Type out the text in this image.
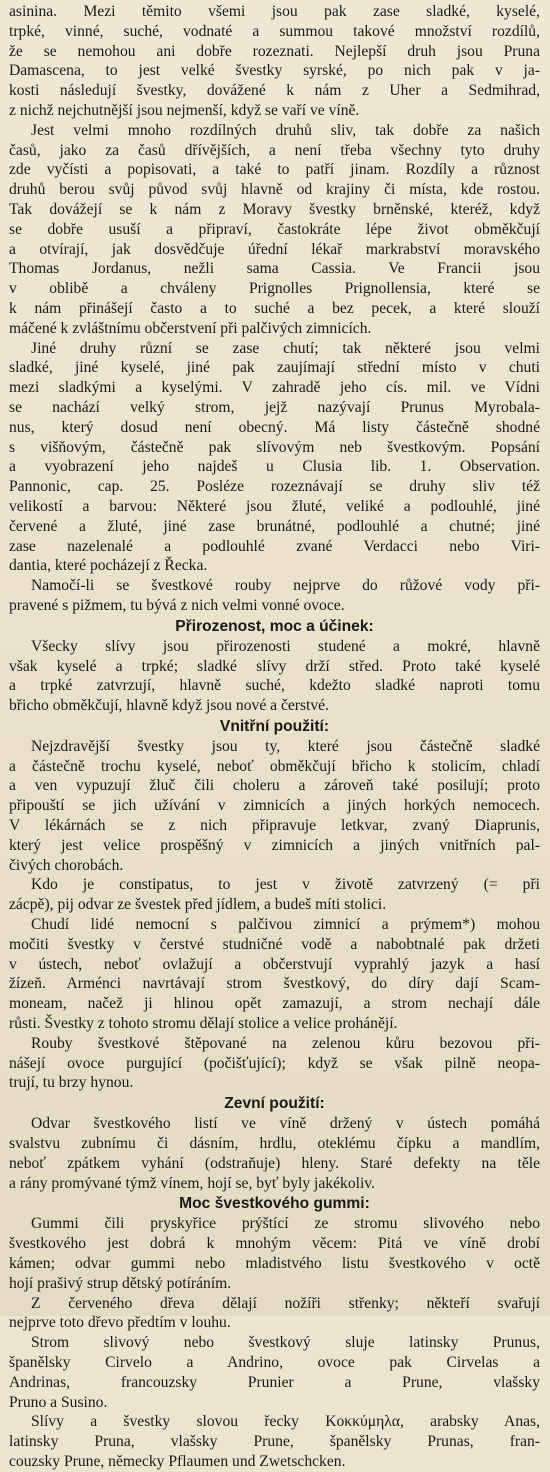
asinina. Mezi těmito všemi jsou pak zase sladké, kyselé,
trpké, vinné, suché, vodnaté a summou takové množství rozdílů,
že se nemohou ani dobře rozeznati. Nejlepší druh jsou Pruna
Damascena, to jest velké švestky syrské, po nich pak v ja-
kosti následují švestky, dovážené k nám z Uher a Sedmihrad,
z nichž nejchutnější jsou nejmenší, když se vaří ve víně.
Jest velmi mnoho rozdílných druhů sliv, tak dobře za našich
časů, jako za časů dřívějších, a není třeba všechny tyto druhy
zde vyčísti a popisovati, a také to patří jinam. Rozdíly a různost
druhů berou svůj původ svůj hlavně od krajiny či místa, kde rostou.
Tak dovážejí se k nám z Moravy švestky brněnské, kteréž, když
se dobře usuší a připraví, častokráte lépe život obměkčují
a otvírají, jak dosvědčuje úřední lékař markrabství moravského
Thomas Jordanus, nežli sama Cassia. Ve Francii jsou
v oblibě a chváleny Prignolles Prignollensia, které se
k nám přinášejí často a to suché a bez pecek, a které slouží
máčené k zvláštnímu občerstvení při palčivých zimnicích.
Jiné druhy různí se zase chutí; tak některé jsou velmi
sladké, jiné kyselé, jiné pak zaujímají střední místo v chuti
mezi sladkými a kyselými. V zahradě jeho cís. mil. ve Vídni
se nachází velký strom, jejž nazývají Prunus Myrobala-
nus, který dosud není obecný. Má listy částečně shodné
s višňovým, částečně pak slívovým neb švestkovým. Popsání
a vyobrazení jeho najdeš u Clusia lib. 1. Observation.
Pannonic, cap. 25. Posléze rozeznávají se druhy sliv též
velikostí a barvou: Některé jsou žluté, veliké a podlouhlé, jiné
červené a žluté, jiné zase brunátné, podlouhlé a chutné; jiné
zase nazelenalé a podlouhlé zvané Verdacci nebo Viri-
dantia, které pocházejí z Řecka.
Namočí-li se švestkové rouby nejprve do růžové vody při-
pravené s pižmem, tu bývá z nich velmi vonné ovoce.
Přirozenost, moc a účinek:
Všecky slívy jsou přirozenosti studené a mokré, hlavně
však kyselé a trpké; sladké slívy drží střed. Proto také kyselé
a trpké zatvrzují, hlavně suché, kdežto sladké naproti tomu
břicho obměkčují, hlavně když jsou nové a čerstvé.
Vnitřní použití:
Nejzdravější švestky jsou ty, které jsou částečně sladké
a částečně trochu kyselé, neboť obměkčují břicho k stolicím, chladí
a ven vypuzují žluč čili choleru a zároveň také posilují; proto
připouští se jich užívání v zimnicích a jiných horkých nemocech.
V lékárnách se z nich připravuje letkvar, zvaný Diaprunis,
který jest velice prospěšný v zimnicích a jiných vnitřních pal-
čivých chorobách.
Kdo je constipatus, to jest v životě zatvrzený (= při
zácpě), pij odvar ze švestek před jídlem, a budeš míti stolici.
Chudí lidé nemocní s palčivou zimnicí a prýmem*) mohou
močiti švestky v čerstvé studničné vodě a nabobtnalé pak držeti
v ústech, neboť ovlažují a občerstvují vyprahlý jazyk a hasí
žízeň. Arménci navrtávají strom švestkový, do díry dají Scam-
moneam, načež ji hlinou opět zamazují, a strom nechají dále
růsti. Švestky z tohoto stromu dělají stolice a velice prohánějí.
Rouby švestkové štěpované na zelenou kůru bezovou při-
nášejí ovoce purgující (počišťující); když se však pilně neopa-
trují, tu brzy hynou.
Zevní použití:
Odvar švestkového listí ve víně držený v ústech pomáhá
svalstvu zubnímu či dásním, hrdlu, oteklému čípku a mandlím,
neboť zpátkem vyhání (odstraňuje) hleny. Staré defekty na těle
a rány promývané týmž vínem, hojí se, byť byly jakékoliv.
Moc švestkového gummi:
Gummi čili pryskyřice prýštící ze stromu slivového nebo
švestkového jest dobrá k mnohým věcem: Pitá ve víně drobí
kámen; odvar gummi nebo mladistvého listu švestkového v octě
hojí prašivý strup dětský potíráním.
Z červeného dřeva dělají nožíři střenky; někteří svařují
nejprve toto dřevo předtím v louhu.
Strom slivový nebo švestkový sluje latinsky Prunus,
španělsky Cirvelo a Andrino, ovoce pak Cirvelas a
Andrinas, francouzsky Prunier a Prune, vlašsky
Pruno a Susino.
Slívy a švestky slovou řecky Κοκκύμηλα, arabsky Anas,
latinsky Pruna, vlašsky Prune, španělsky Prunas, fran-
couzsky Prune, německy Pflaumen und Zwetschcken.
